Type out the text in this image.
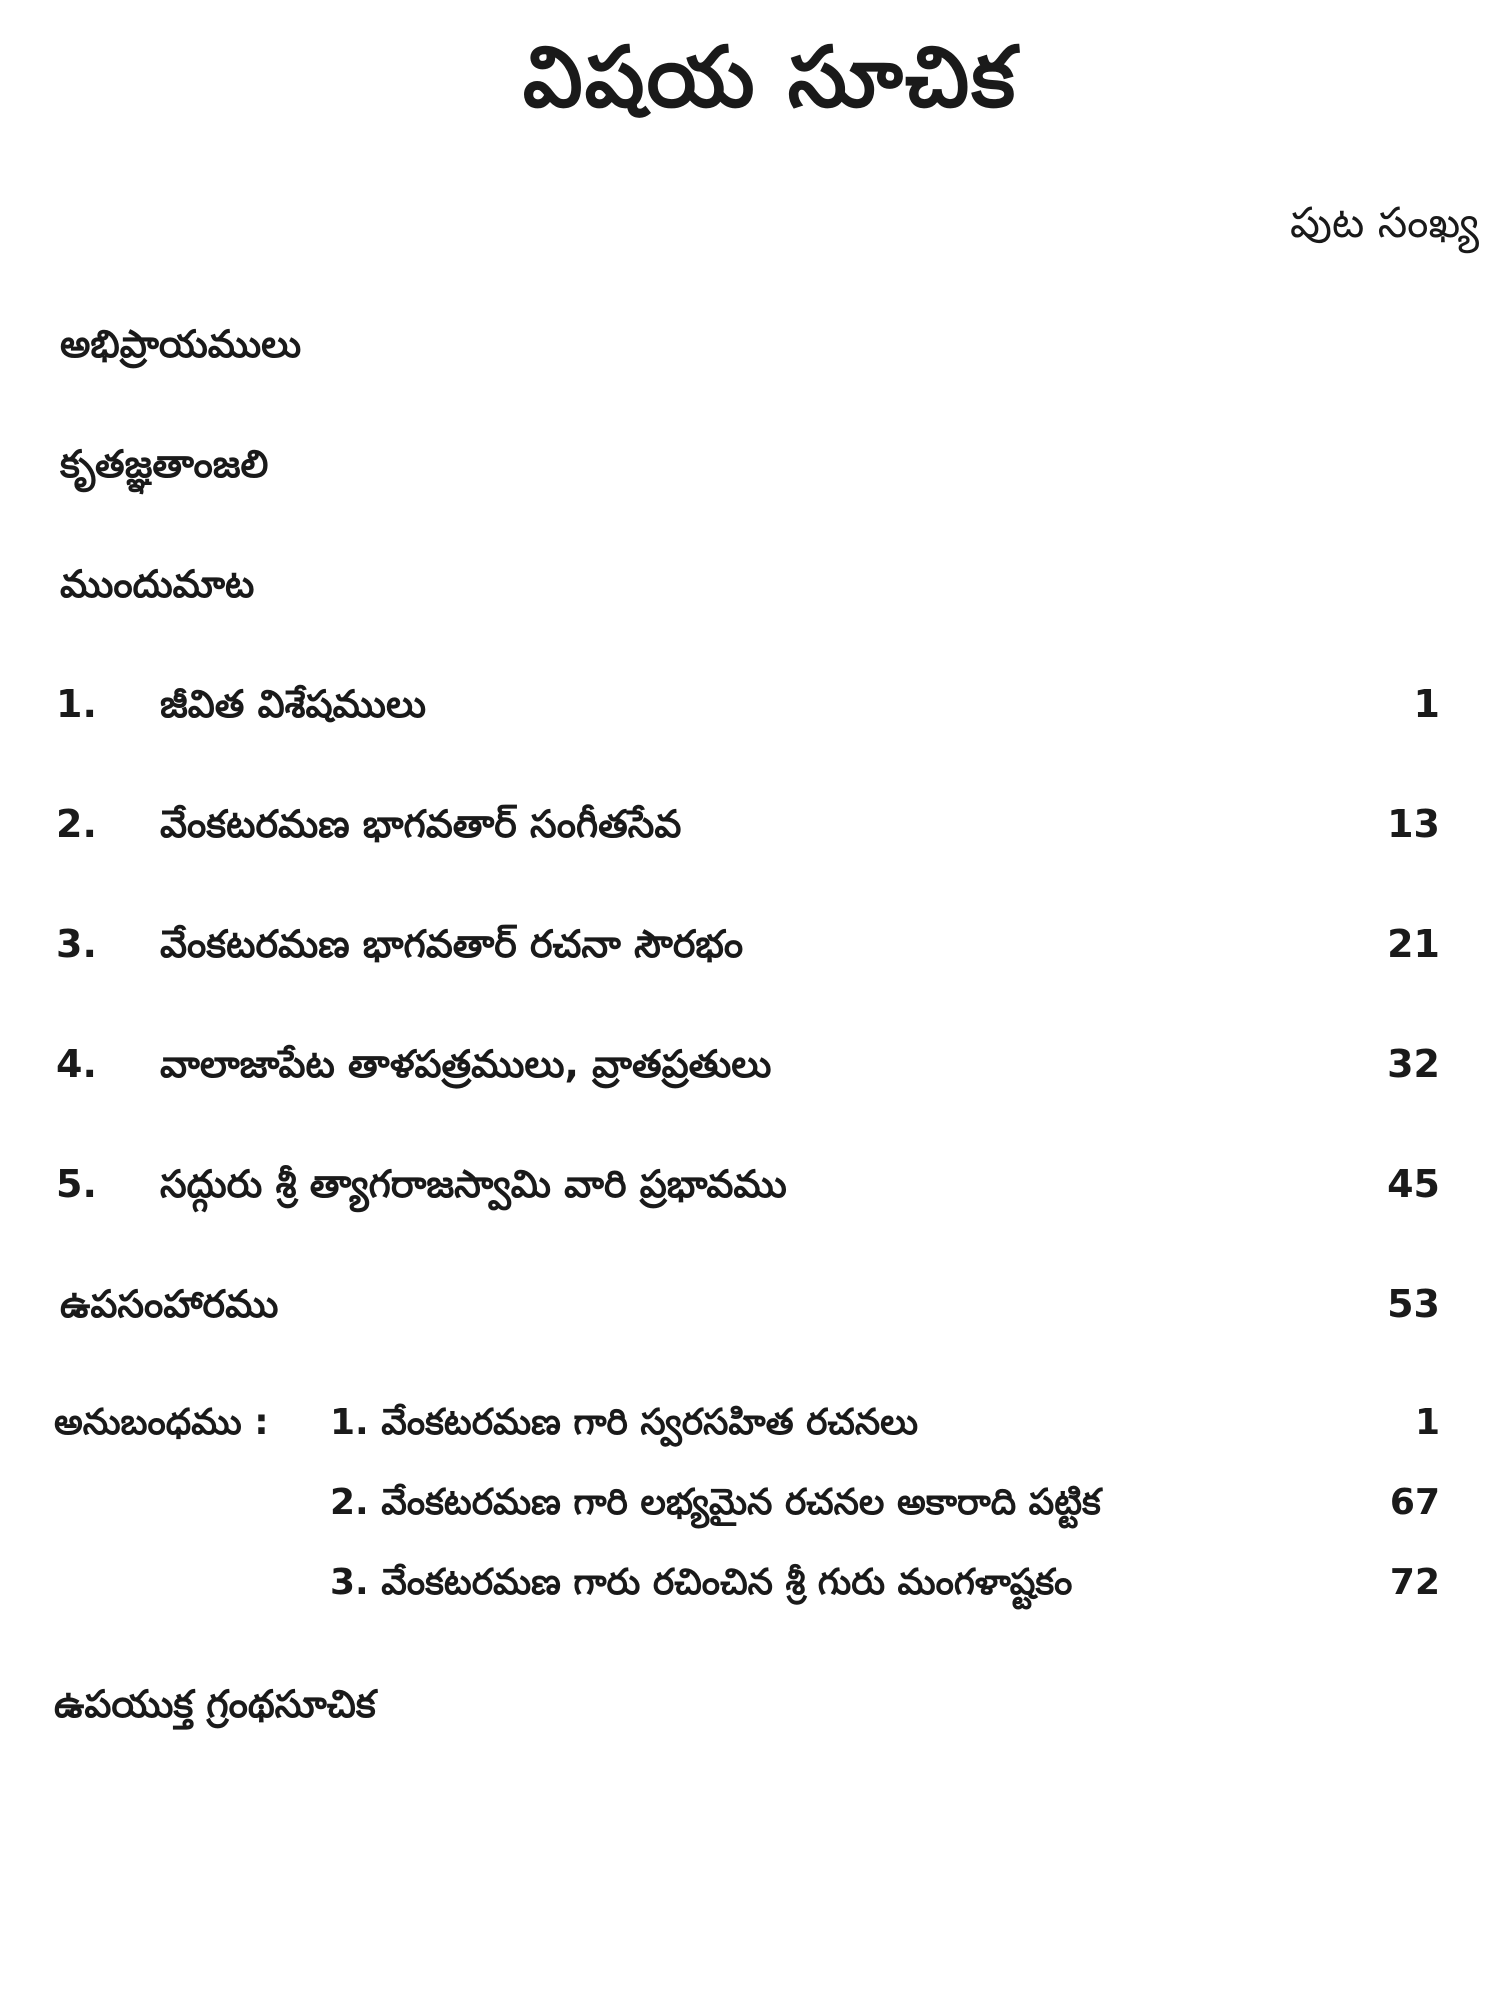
విషయ సూచిక
పుట సంఖ్య
అభిప్రాయములు
కృతజ్ఞతాంజలి
ముందుమాట
1. జీవిత విశేషములు	1
2. వేంకటరమణ భాగవతార్ సంగీతసేవ	13
3. వేంకటరమణ భాగవతార్ రచనా సౌరభం	21
4. వాలాజాపేట తాళపత్రములు, వ్రాతప్రతులు	32
5. సద్గురు శ్రీ త్యాగరాజస్వామి వారి ప్రభావము	45
ఉపసంహారము	53
అనుబంధము : 1. వేంకటరమణ గారి స్వరసహిత రచనలు	1
2. వేంకటరమణ గారి లభ్యమైన రచనల అకారాది పట్టిక	67
3. వేంకటరమణ గారు రచించిన శ్రీ గురు మంగళాష్టకం	72
ఉపయుక్త గ్రంథసూచిక
